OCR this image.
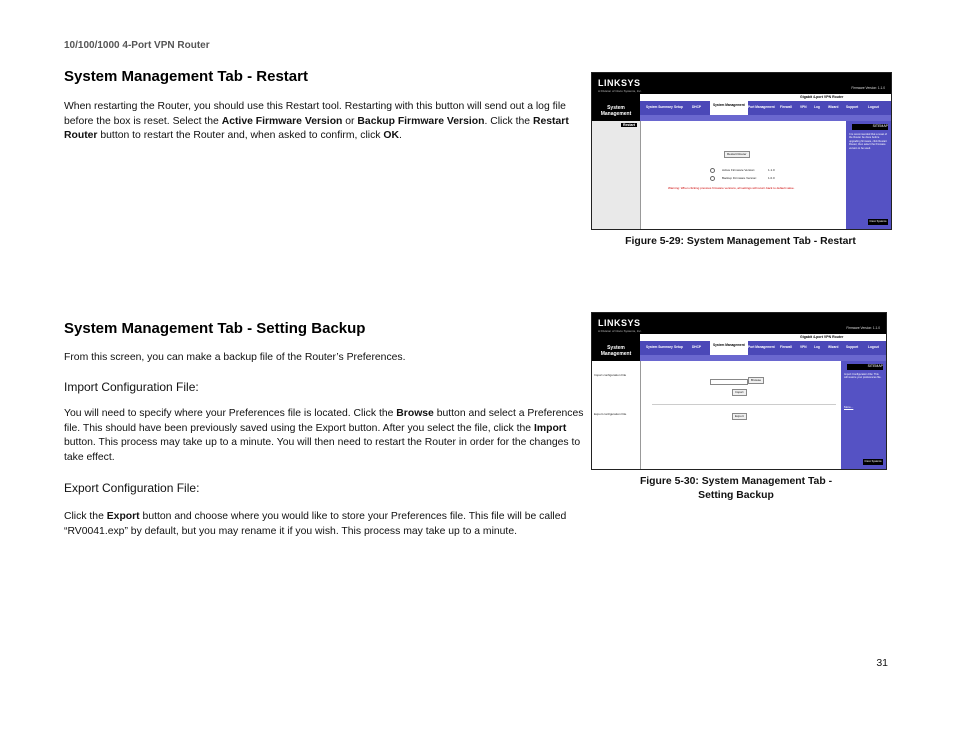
10/100/1000 4-Port VPN Router
System Management Tab - Restart
When restarting the Router, you should use this Restart tool. Restarting with this button will send out a log file before the box is reset. Select the Active Firmware Version or Backup Firmware Version. Click the Restart Router button to restart the Router and, when asked to confirm, click OK.
LINKSYS
A Division of Cisco Systems, Inc.
Firmware Version: 1.1.0
Gigabit 4-port VPN Router
System Management
System Summary Setup	DHCP	System Management	Port Management Firewall	VPN Log	Wizard Support	Logout
Restart
Restart Router
Active Firmware Version:	1.1.0
Backup Firmware Version:	1.0.0
Warning: When clicking previous firmware versions, all settings will return back to default value.
SITEMAP
It is recommended that a reset of the Router be done before upgrading firmware, click Restart Router, then select the firmware version to be used.
Cisco Systems
Figure 5-29: System Management Tab - Restart
System Management Tab - Setting Backup
From this screen, you can make a backup file of the Router’s Preferences.
Import Configuration File:
You will need to specify where your Preferences file is located. Click the Browse button and select a Preferences file. This should have been previously saved using the Export button. After you select the file, click the Import button. This process may take up to a minute. You will then need to restart the Router in order for the changes to take effect.
Export Configuration File:
Click the Export button and choose where you would like to store your Preferences file. This file will be called “RV0041.exp” by default, but you may rename it if you wish. This process may take up to a minute.
LINKSYS
A Division of Cisco Systems, Inc.
Firmware Version: 1.1.0
Gigabit 4-port VPN Router
System Management
System Summary Setup	DHCP	System Management	Port Management Firewall	VPN Log	Wizard Support	Logout
Import configuration File
Export configuration File
Browse
Import
Export
SITEMAP
Import Configuration File: This will restore your preferences file.
More...
Cisco Systems
Figure 5-30: System Management Tab -
Setting Backup
31
